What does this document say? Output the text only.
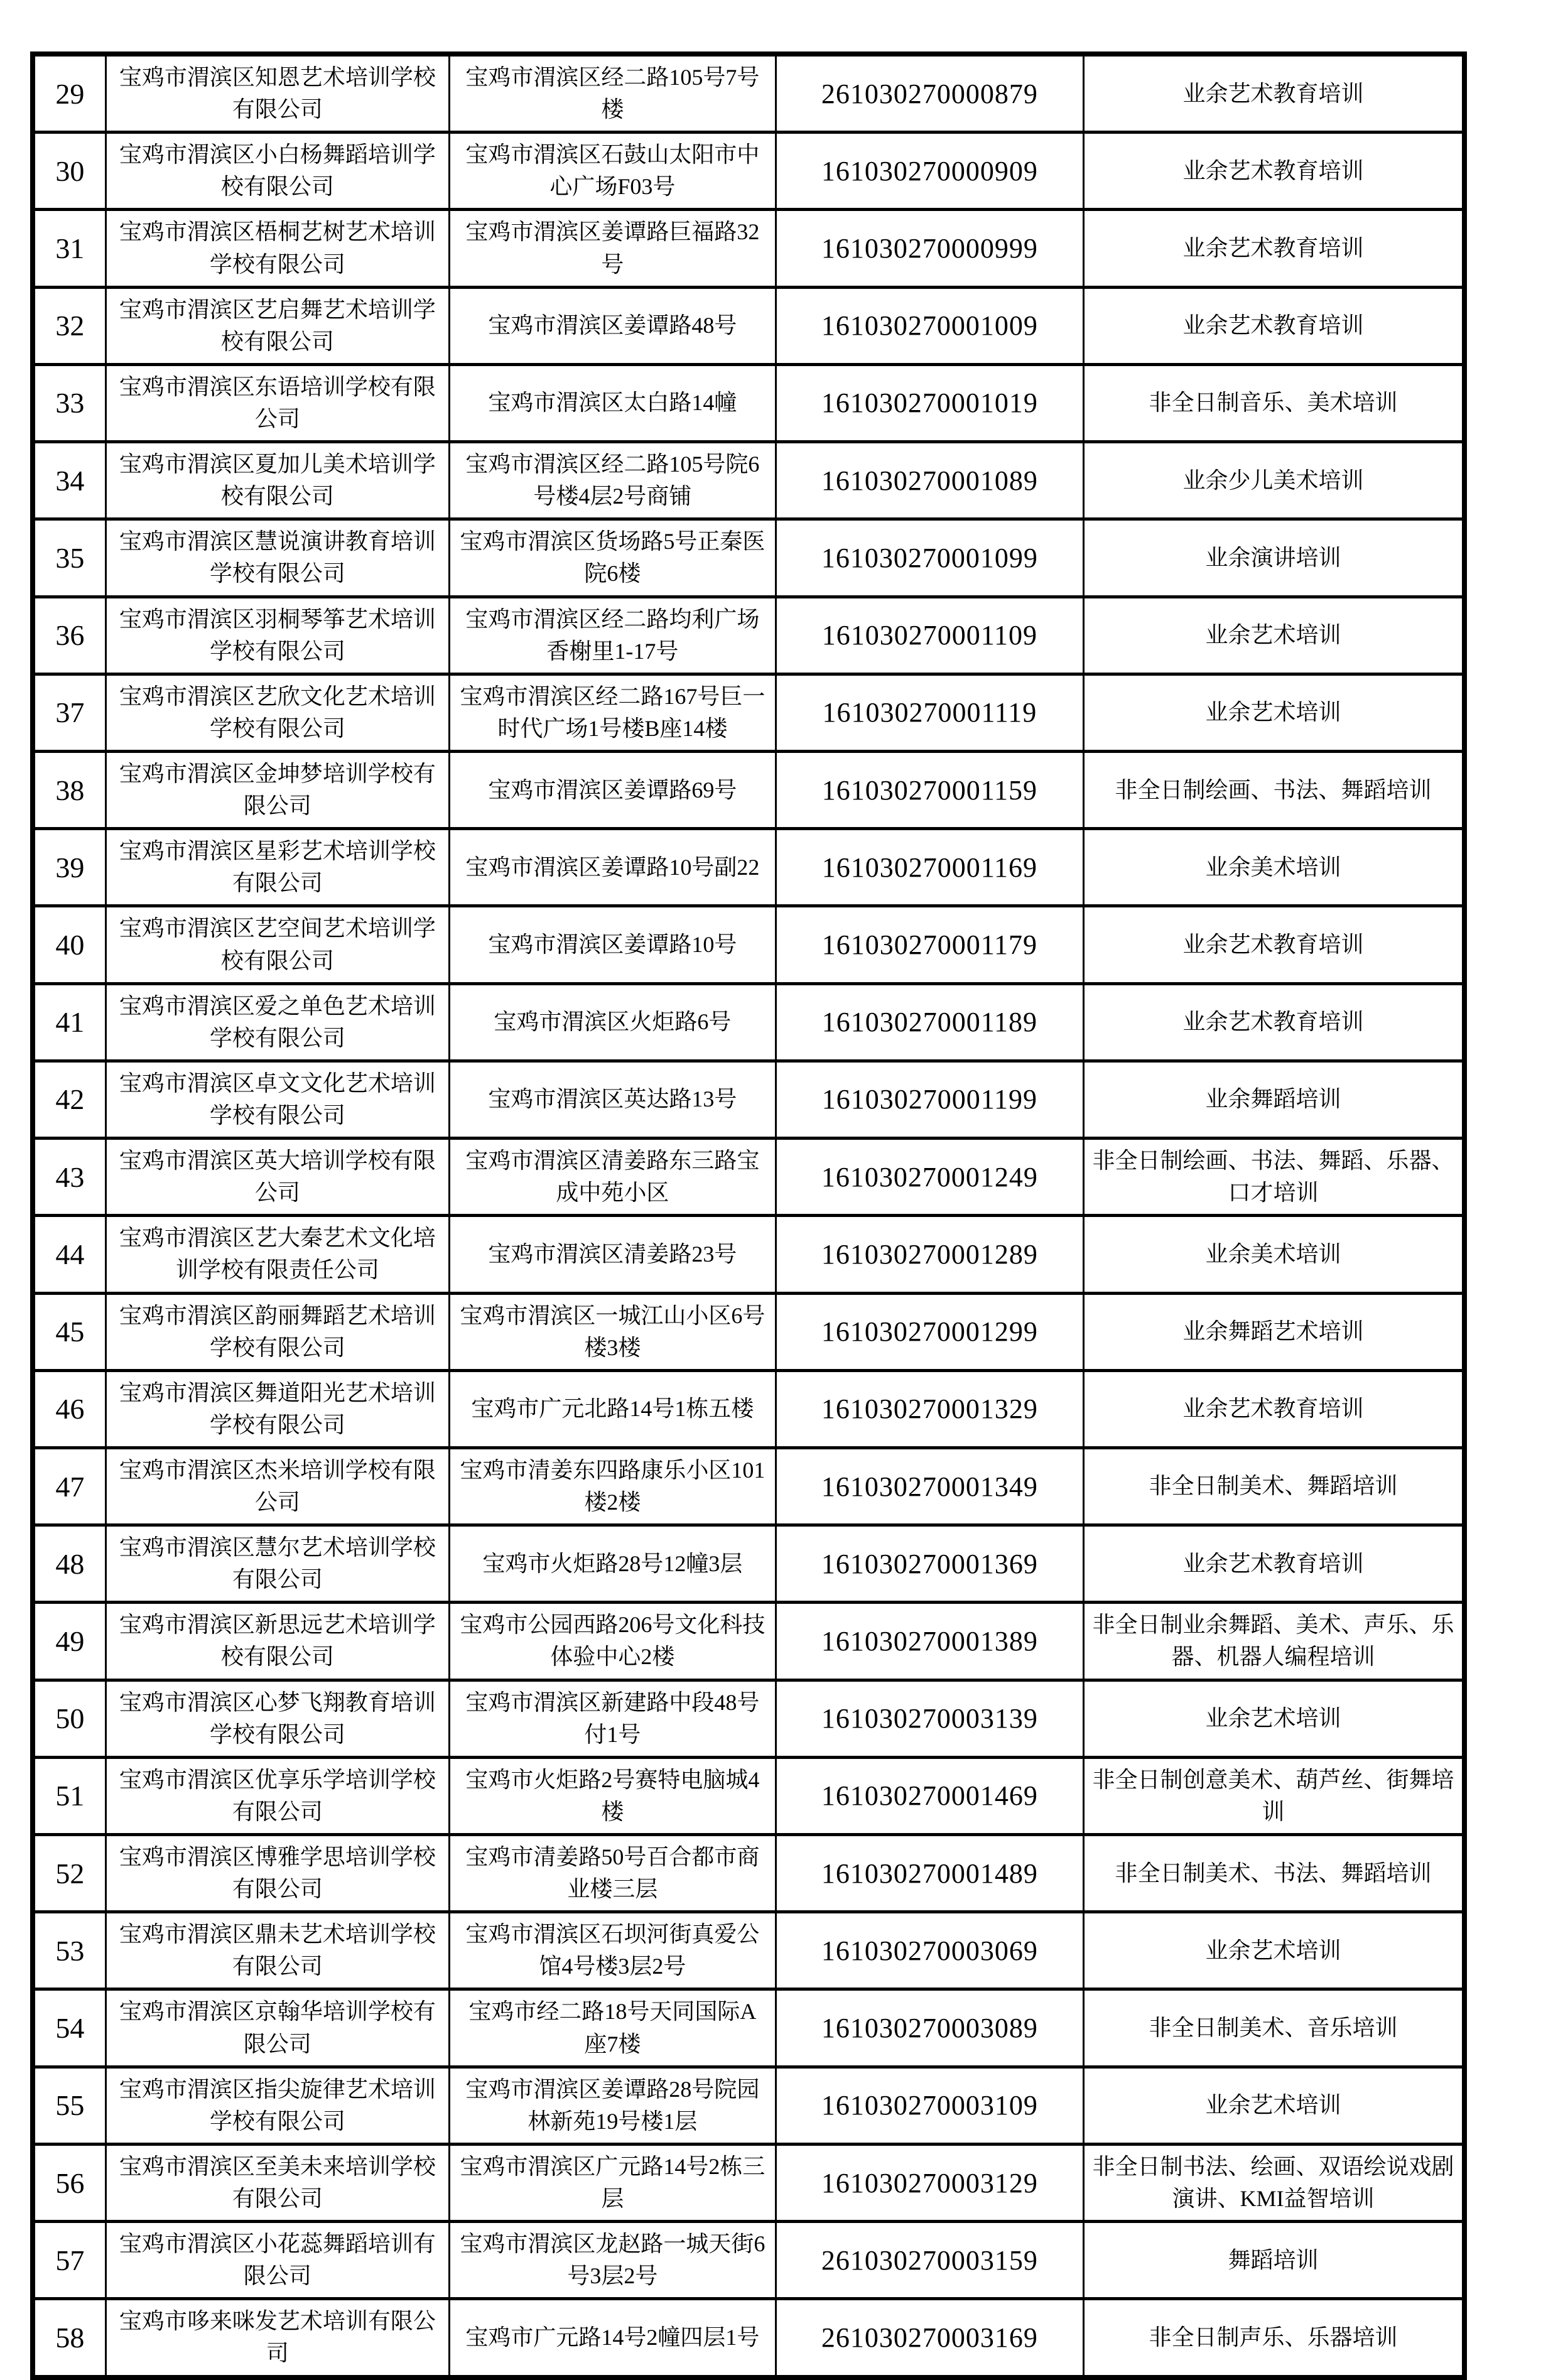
29	宝鸡市渭滨区知恩艺术培训学校有限公司	宝鸡市渭滨区经二路105号7号楼	261030270000879	业余艺术教育培训
30	宝鸡市渭滨区小白杨舞蹈培训学校有限公司	宝鸡市渭滨区石鼓山太阳市中心广场F03号	161030270000909	业余艺术教育培训
31	宝鸡市渭滨区梧桐艺树艺术培训学校有限公司	宝鸡市渭滨区姜谭路巨福路32号	161030270000999	业余艺术教育培训
32	宝鸡市渭滨区艺启舞艺术培训学校有限公司	宝鸡市渭滨区姜谭路48号	161030270001009	业余艺术教育培训
33	宝鸡市渭滨区东语培训学校有限公司	宝鸡市渭滨区太白路14幢	161030270001019	非全日制音乐、美术培训
34	宝鸡市渭滨区夏加儿美术培训学校有限公司	宝鸡市渭滨区经二路105号院6号楼4层2号商铺	161030270001089	业余少儿美术培训
35	宝鸡市渭滨区慧说演讲教育培训学校有限公司	宝鸡市渭滨区货场路5号正秦医院6楼	161030270001099	业余演讲培训
36	宝鸡市渭滨区羽桐琴筝艺术培训学校有限公司	宝鸡市渭滨区经二路均利广场香榭里1-17号	161030270001109	业余艺术培训
37	宝鸡市渭滨区艺欣文化艺术培训学校有限公司	宝鸡市渭滨区经二路167号巨一时代广场1号楼B座14楼	161030270001119	业余艺术培训
38	宝鸡市渭滨区金坤梦培训学校有限公司	宝鸡市渭滨区姜谭路69号	161030270001159	非全日制绘画、书法、舞蹈培训
39	宝鸡市渭滨区星彩艺术培训学校有限公司	宝鸡市渭滨区姜谭路10号副22	161030270001169	业余美术培训
40	宝鸡市渭滨区艺空间艺术培训学校有限公司	宝鸡市渭滨区姜谭路10号	161030270001179	业余艺术教育培训
41	宝鸡市渭滨区爱之单色艺术培训学校有限公司	宝鸡市渭滨区火炬路6号	161030270001189	业余艺术教育培训
42	宝鸡市渭滨区卓文文化艺术培训学校有限公司	宝鸡市渭滨区英达路13号	161030270001199	业余舞蹈培训
43	宝鸡市渭滨区英大培训学校有限公司	宝鸡市渭滨区清姜路东三路宝成中苑小区	161030270001249	非全日制绘画、书法、舞蹈、乐器、口才培训
44	宝鸡市渭滨区艺大秦艺术文化培训学校有限责任公司	宝鸡市渭滨区清姜路23号	161030270001289	业余美术培训
45	宝鸡市渭滨区韵丽舞蹈艺术培训学校有限公司	宝鸡市渭滨区一城江山小区6号楼3楼	161030270001299	业余舞蹈艺术培训
46	宝鸡市渭滨区舞道阳光艺术培训学校有限公司	宝鸡市广元北路14号1栋五楼	161030270001329	业余艺术教育培训
47	宝鸡市渭滨区杰米培训学校有限公司	宝鸡市清姜东四路康乐小区101楼2楼	161030270001349	非全日制美术、舞蹈培训
48	宝鸡市渭滨区慧尔艺术培训学校有限公司	宝鸡市火炬路28号12幢3层	161030270001369	业余艺术教育培训
49	宝鸡市渭滨区新思远艺术培训学校有限公司	宝鸡市公园西路206号文化科技体验中心2楼	161030270001389	非全日制业余舞蹈、美术、声乐、乐器、机器人编程培训
50	宝鸡市渭滨区心梦飞翔教育培训学校有限公司	宝鸡市渭滨区新建路中段48号付1号	161030270003139	业余艺术培训
51	宝鸡市渭滨区优享乐学培训学校有限公司	宝鸡市火炬路2号赛特电脑城4楼	161030270001469	非全日制创意美术、葫芦丝、街舞培训
52	宝鸡市渭滨区博雅学思培训学校有限公司	宝鸡市清姜路50号百合都市商业楼三层	161030270001489	非全日制美术、书法、舞蹈培训
53	宝鸡市渭滨区鼎未艺术培训学校有限公司	宝鸡市渭滨区石坝河街真爱公馆4号楼3层2号	161030270003069	业余艺术培训
54	宝鸡市渭滨区京翰华培训学校有限公司	宝鸡市经二路18号天同国际A座7楼	161030270003089	非全日制美术、音乐培训
55	宝鸡市渭滨区指尖旋律艺术培训学校有限公司	宝鸡市渭滨区姜谭路28号院园林新苑19号楼1层	161030270003109	业余艺术培训
56	宝鸡市渭滨区至美未来培训学校有限公司	宝鸡市渭滨区广元路14号2栋三层	161030270003129	非全日制书法、绘画、双语绘说戏剧演讲、KMI益智培训
57	宝鸡市渭滨区小花蕊舞蹈培训有限公司	宝鸡市渭滨区龙赵路一城天街6号3层2号	261030270003159	舞蹈培训
58	宝鸡市哆来咪发艺术培训有限公司	宝鸡市广元路14号2幢四层1号	261030270003169	非全日制声乐、乐器培训
